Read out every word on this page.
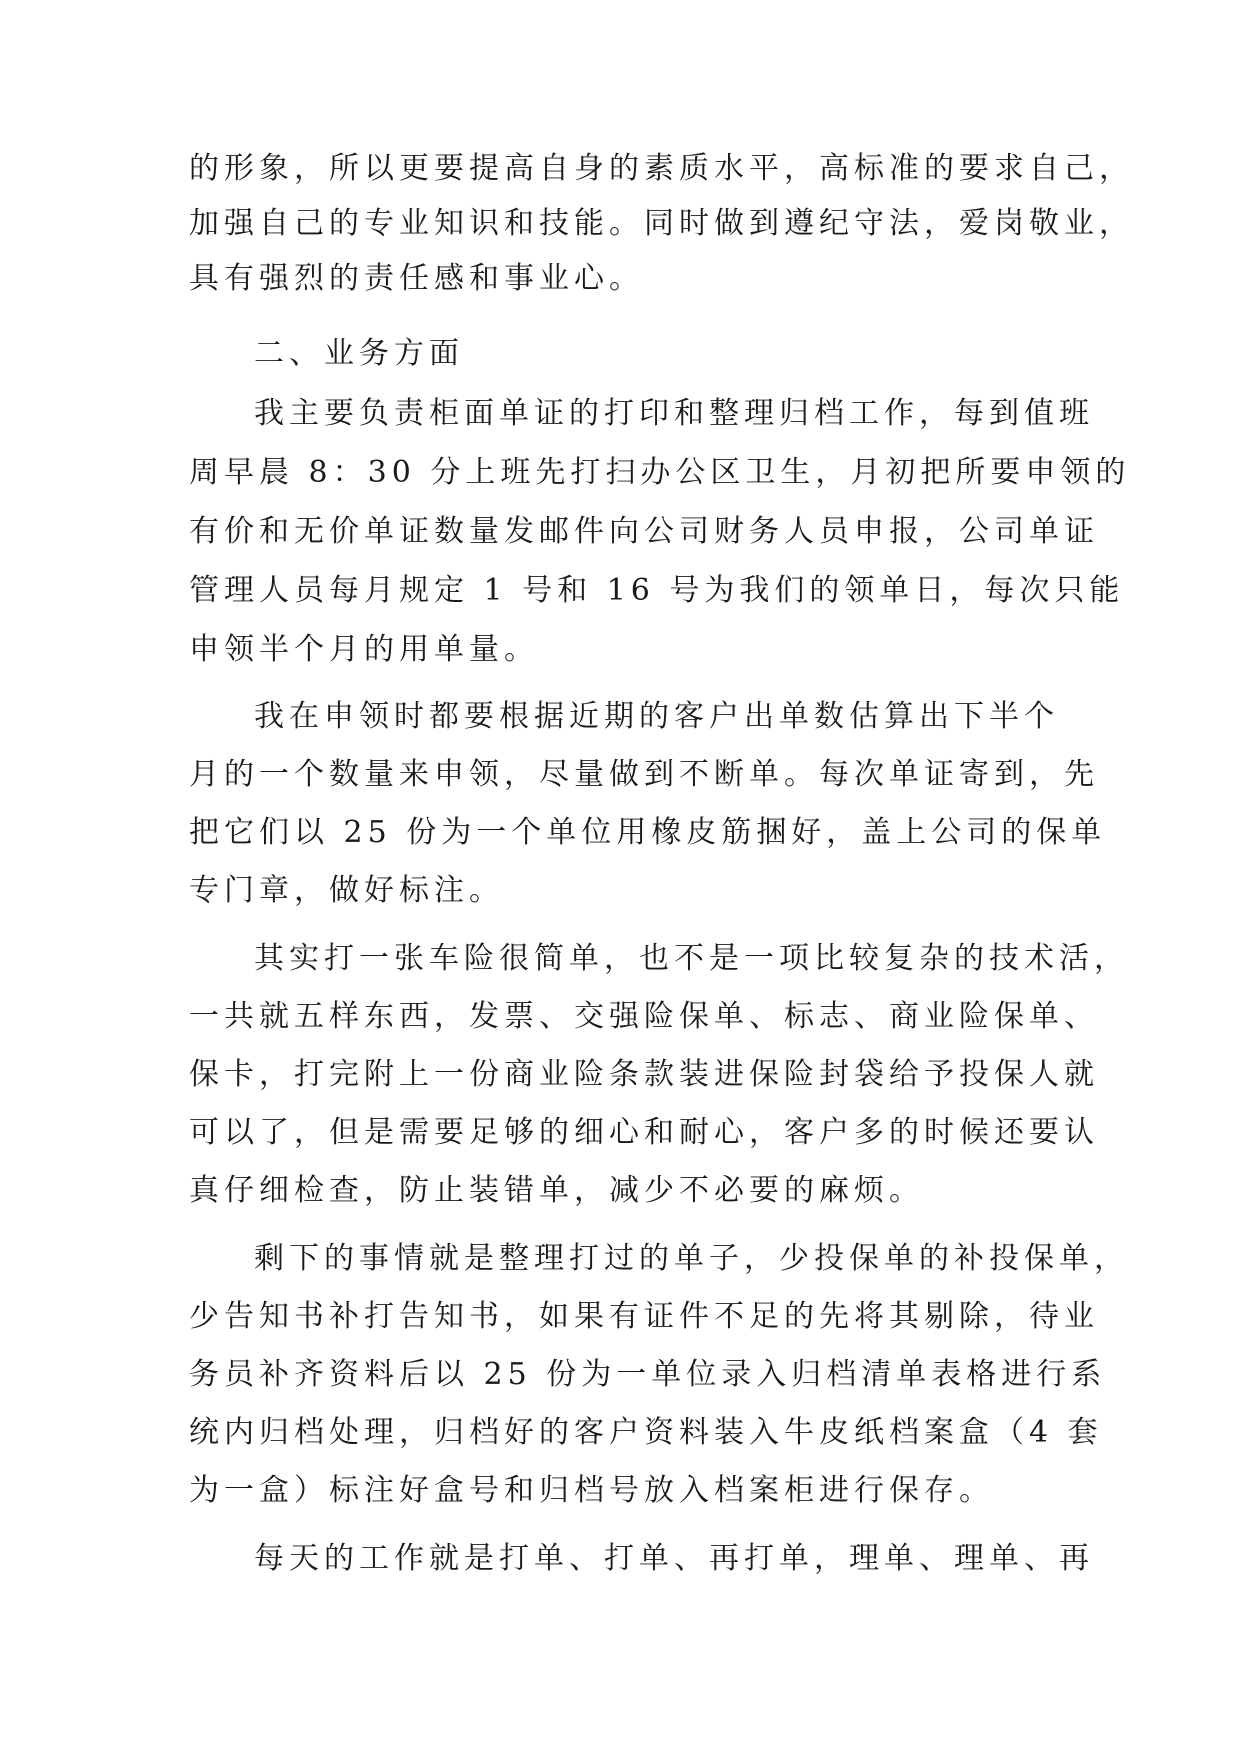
的形象，所以更要提高自身的素质水平，高标准的要求自己，
加强自己的专业知识和技能。同时做到遵纪守法，爱岗敬业，
具有强烈的责任感和事业心。
二、业务方面
我主要负责柜面单证的打印和整理归档工作，每到值班
周早晨 8：30 分上班先打扫办公区卫生，月初把所要申领的
有价和无价单证数量发邮件向公司财务人员申报，公司单证
管理人员每月规定 1 号和 16 号为我们的领单日，每次只能
申领半个月的用单量。
我在申领时都要根据近期的客户出单数估算出下半个
月的一个数量来申领，尽量做到不断单。每次单证寄到，先
把它们以 25 份为一个单位用橡皮筋捆好，盖上公司的保单
专门章，做好标注。
其实打一张车险很简单，也不是一项比较复杂的技术活，
一共就五样东西，发票、交强险保单、标志、商业险保单、
保卡，打完附上一份商业险条款装进保险封袋给予投保人就
可以了，但是需要足够的细心和耐心，客户多的时候还要认
真仔细检查，防止装错单，减少不必要的麻烦。
剩下的事情就是整理打过的单子，少投保单的补投保单，
少告知书补打告知书，如果有证件不足的先将其剔除，待业
务员补齐资料后以 25 份为一单位录入归档清单表格进行系
统内归档处理，归档好的客户资料装入牛皮纸档案盒（4 套
为一盒）标注好盒号和归档号放入档案柜进行保存。
每天的工作就是打单、打单、再打单，理单、理单、再
